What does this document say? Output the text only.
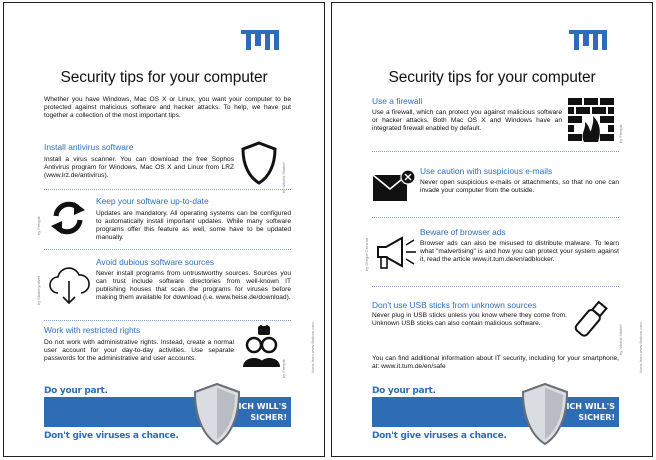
Security tips for your computer
Whether you have Windows, Mac OS X or Linux, you want your computer to be protected against malicious software and hacker attacks. To help, we have put together a collection of the most important tips.
Install antivirus software
Install a virus scanner. You can download the free Sophos Antivirus program for Windows, Mac OS X and Linux from LRZ (www.lrz.de/antivirus).	by Nikolai Markel
Keep your software up-to-date
Updates are mandatory. All operating systems can be configured to automatically install important updates. While many software programs offer this feature as well, some have to be updated manually.
by Freepik
Avoid dubious software sources
Never install programs from untrustworthy sources. Sources you can trust include software directories from well-known IT publishing houses that scan the programs for viruses before making them available for download (i.e. www.heise.de/download).
by Madebyoliver
Work with restricted rights
Do not work with administrative rights. Instead, create a normal user account for your day-to-day activities. Use separate passwords for the administrative and user accounts.
by Freepik	Icons from www.flaticon.com
Do your part.
ICH WILL'S SICHER!
Don't give viruses a chance.
Security tips for your computer
Use a firewall
Use a firewall, which can protect you against malicious software or hacker attacks. Both Mac OS X and Windows have an integrated firewall enabled by default.	by Freepik
Use caution with suspicious e-mails
Never open suspicious e-mails or attachments, so that no one can invade your computer from the outside.
Beware of browser ads
Browser ads can also be misused to distribute malware. To learn what "malvertising" is and how you can protect your system against it, read the article www.it.tum.de/en/adblocker.
by Gregor Cresnar
Don't use USB sticks from unknown sources
Never plug in USB sticks unless you know where they come from. Unknown USB sticks can also contain malicious software.
by Nikolai Markel
You can find additional information about IT security, including for your smartphone, at: www.it.tum.de/en/safe	Icons from www.flaticon.com
Do your part.
ICH WILL'S SICHER!
Don't give viruses a chance.
